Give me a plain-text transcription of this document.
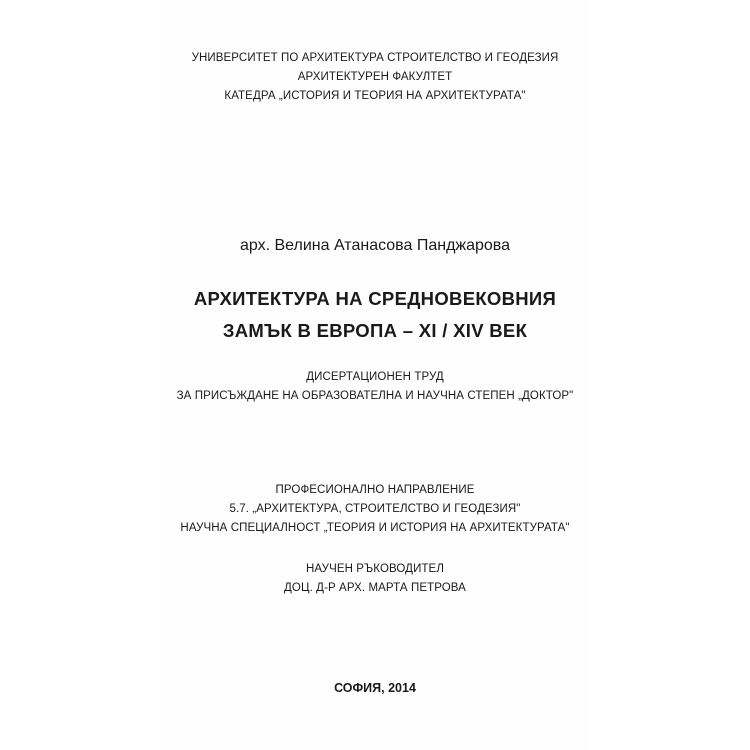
УНИВЕРСИТЕТ ПО АРХИТЕКТУРА СТРОИТЕЛСТВО И ГЕОДЕЗИЯ

АРХИТЕКТУРЕН ФАКУЛТЕТ

КАТЕДРА „ИСТОРИЯ И ТЕОРИЯ НА АРХИТЕКТУРАТА"

арх. Велина Атанасова Панджарова

АРХИТЕКТУРА НА СРЕДНОВЕКОВНИЯ

ЗАМЪК В ЕВРОПА – XI / XIV ВЕК

ДИСЕРТАЦИОНЕН ТРУД

ЗА ПРИСЪЖДАНЕ НА ОБРАЗОВАТЕЛНА И НАУЧНА СТЕПЕН „ДОКТОР"

ПРОФЕСИОНАЛНО НАПРАВЛЕНИЕ

5.7. „АРХИТЕКТУРА, СТРОИТЕЛСТВО И ГЕОДЕЗИЯ"

НАУЧНА СПЕЦИАЛНОСТ „ТЕОРИЯ И ИСТОРИЯ НА АРХИТЕКТУРАТА"

НАУЧЕН РЪКОВОДИТЕЛ

ДОЦ. Д-Р АРХ. МАРТА ПЕТРОВА

СОФИЯ, 2014
